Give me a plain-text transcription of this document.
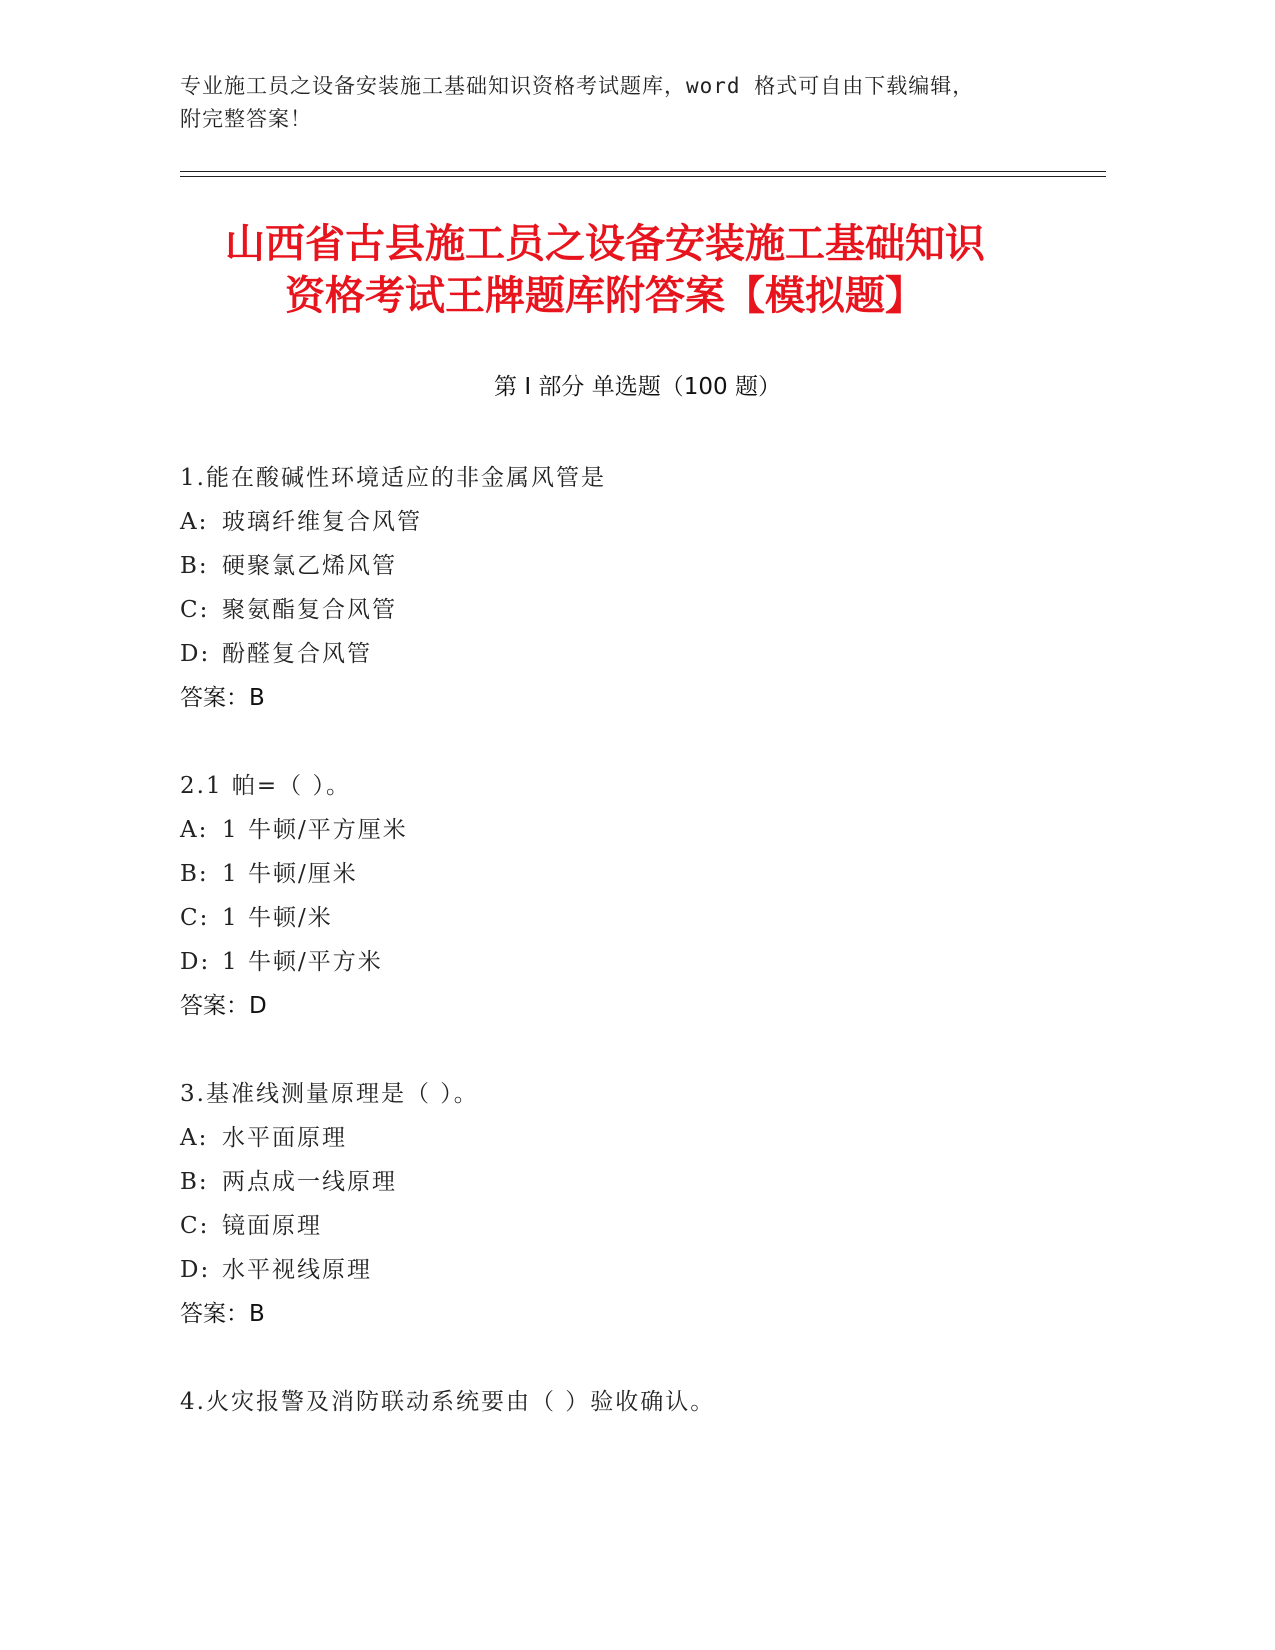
专业施工员之设备安装施工基础知识资格考试题库，word 格式可自由下载编辑，
附完整答案！
山西省古县施工员之设备安装施工基础知识
资格考试王牌题库附答案【模拟题】
第 I 部分 单选题（100 题）
1.能在酸碱性环境适应的非金属风管是
A: 玻璃纤维复合风管
B: 硬聚氯乙烯风管
C: 聚氨酯复合风管
D: 酚醛复合风管
答案：B
2.1 帕=（ ）。
A: 1 牛顿/平方厘米
B: 1 牛顿/厘米
C: 1 牛顿/米
D: 1 牛顿/平方米
答案：D
3.基准线测量原理是（ ）。
A: 水平面原理
B: 两点成一线原理
C: 镜面原理
D: 水平视线原理
答案：B
4.火灾报警及消防联动系统要由（ ）验收确认。
